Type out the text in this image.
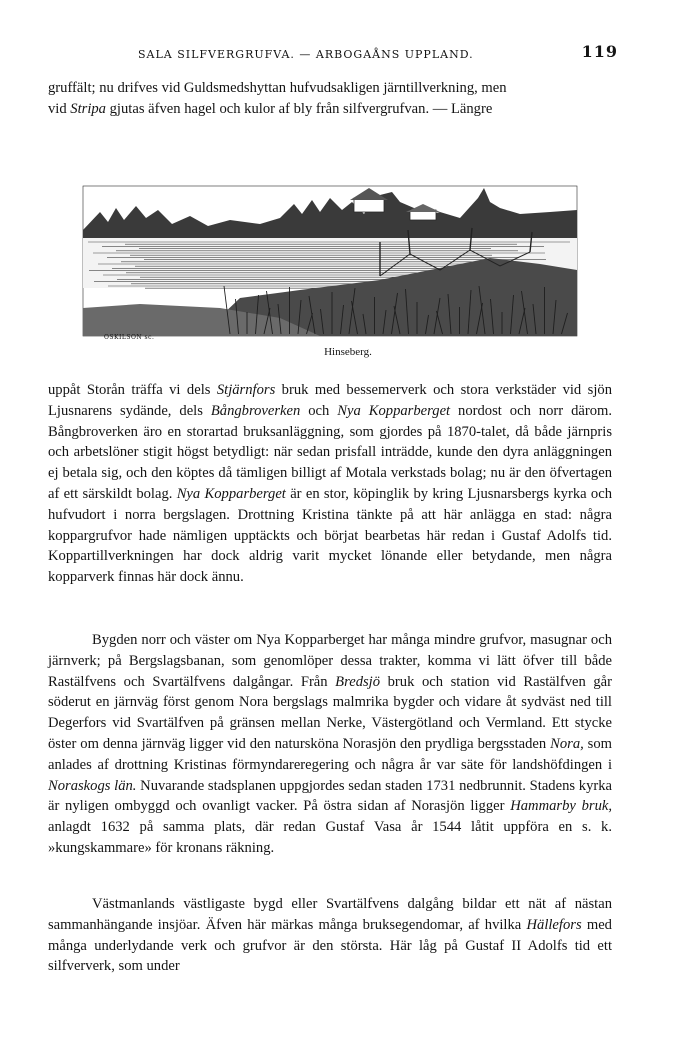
SALA SILFVERGRUFVA. — ARBOGAÅNS UPPLAND.	119

gruffält; nu drifves vid Guldsmedshyttan hufvudsakligen järntillverkning, men
vid Stripa gjutas äfven hagel och kulor af bly från silfvergrufvan. — Längre

OSKILSON sc.
Hinseberg.

uppåt Storån träffa vi dels Stjärnfors bruk med bessemerverk och stora verkstäder vid sjön Ljusnarens sydände, dels Bångbroverken och Nya Kopparberget nordost och norr därom. Bångbroverken äro en storartad bruksanläggning, som gjordes på 1870-talet, då både järnpris och arbetslöner stigit högst betydligt: när sedan prisfall inträdde, kunde den dyra anläggningen ej betala sig, och den köptes då tämligen billigt af Motala verkstads bolag; nu är den öfvertagen af ett särskildt bolag. Nya Kopparberget är en stor, köpinglik by kring Ljusnarsbergs kyrka och hufvudort i norra bergslagen. Drottning Kristina tänkte på att här anlägga en stad: några koppargrufvor hade nämligen upptäckts och börjat bearbetas här redan i Gustaf Adolfs tid. Koppartillverkningen har dock aldrig varit mycket lönande eller betydande, men några kopparverk finnas här dock ännu.

Bygden norr och väster om Nya Kopparberget har många mindre grufvor, masugnar och järnverk; på Bergslagsbanan, som genomlöper dessa trakter, komma vi lätt öfver till både Rastälfvens och Svartälfvens dalgångar. Från Bredsjö bruk och station vid Rastälfven går söderut en järnväg först genom Nora bergslags malmrika bygder och vidare åt sydväst ned till Degerfors vid Svartälfven på gränsen mellan Nerke, Västergötland och Vermland. Ett stycke öster om denna järnväg ligger vid den natursköna Norasjön den prydliga bergsstaden Nora, som anlades af drottning Kristinas förmyndareregering och några år var säte för landshöfdingen i Noraskogs län. Nuvarande stadsplanen uppgjordes sedan staden 1731 nedbrunnit. Stadens kyrka är nyligen ombyggd och ovanligt vacker. På östra sidan af Norasjön ligger Hammarby bruk, anlagdt 1632 på samma plats, där redan Gustaf Vasa år 1544 låtit uppföra en s. k. »kungskammare» för kronans räkning.

Västmanlands västligaste bygd eller Svartälfvens dalgång bildar ett nät af nästan sammanhängande insjöar. Äfven här märkas många bruksegendomar, af hvilka Hällefors med många underlydande verk och grufvor är den största. Här låg på Gustaf II Adolfs tid ett silfververk, som under
